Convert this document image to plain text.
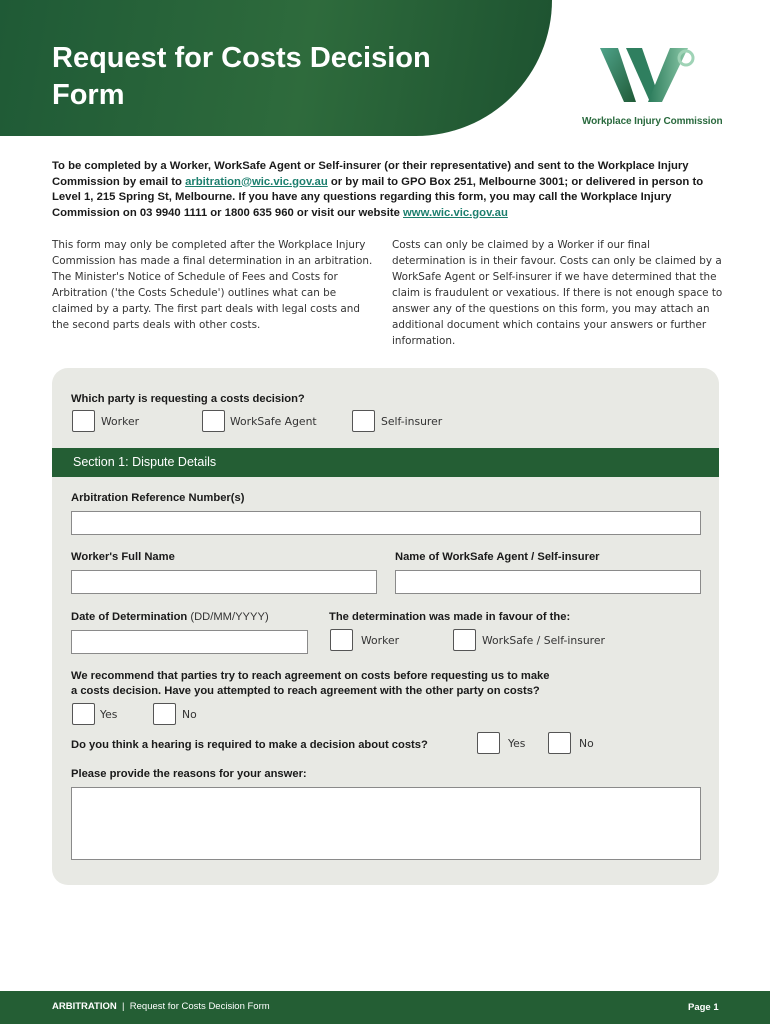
Request for Costs Decision Form
Workplace Injury Commission
To be completed by a Worker, WorkSafe Agent or Self-insurer (or their representative) and sent to the Workplace Injury Commission by email to arbitration@wic.vic.gov.au or by mail to GPO Box 251, Melbourne 3001; or delivered in person to Level 1, 215 Spring St, Melbourne. If you have any questions regarding this form, you may call the Workplace Injury Commission on 03 9940 1111 or 1800 635 960 or visit our website www.wic.vic.gov.au
This form may only be completed after the Workplace Injury Commission has made a final determination in an arbitration. The Minister's Notice of Schedule of Fees and Costs for Arbitration ('the Costs Schedule') outlines what can be claimed by a party. The first part deals with legal costs and the second parts deals with other costs.
Costs can only be claimed by a Worker if our final determination is in their favour. Costs can only be claimed by a WorkSafe Agent or Self-insurer if we have determined that the claim is fraudulent or vexatious. If there is not enough space to answer any of the questions on this form, you may attach an additional document which contains your answers or further information.
Which party is requesting a costs decision?
Worker	WorkSafe Agent	Self-insurer
Section 1: Dispute Details
Arbitration Reference Number(s)
Worker's Full Name	Name of WorkSafe Agent / Self-insurer
Date of Determination (DD/MM/YYYY)	The determination was made in favour of the:
Worker	WorkSafe / Self-insurer
We recommend that parties try to reach agreement on costs before requesting us to make
a costs decision. Have you attempted to reach agreement with the other party on costs?
Yes	No
Do you think a hearing is required to make a decision about costs?	Yes	No
Please provide the reasons for your answer:
ARBITRATION  |  Request for Costs Decision Form	Page 1
